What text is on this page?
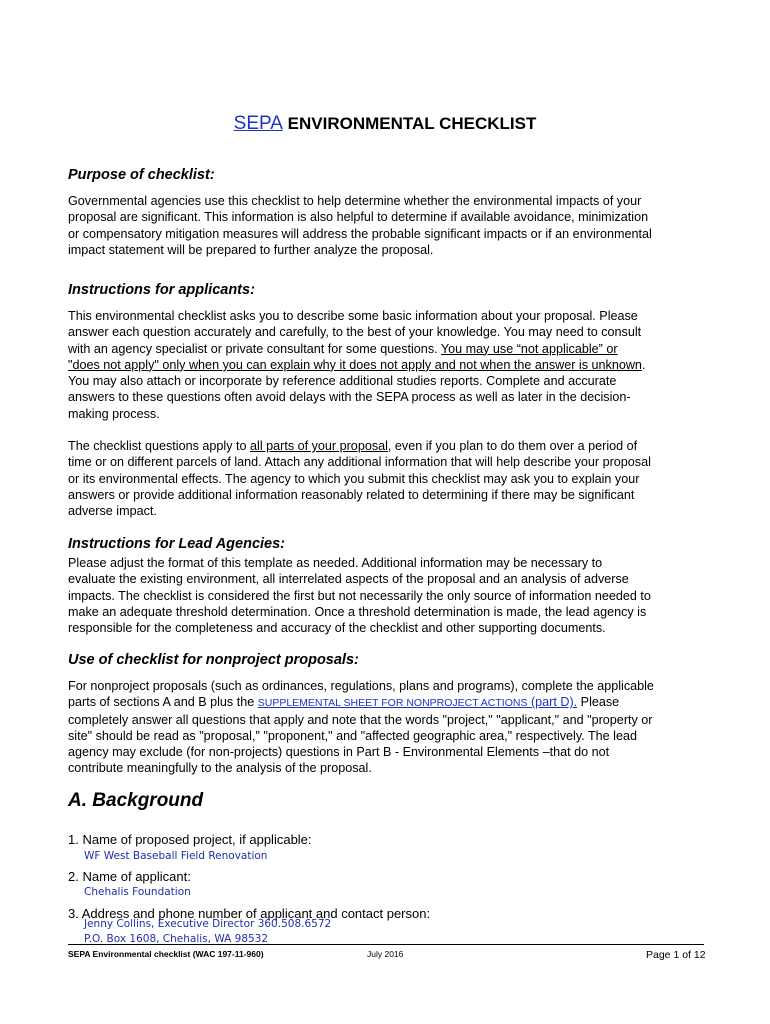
SEPA ENVIRONMENTAL CHECKLIST
Purpose of checklist:
Governmental agencies use this checklist to help determine whether the environmental impacts of your
proposal are significant. This information is also helpful to determine if available avoidance, minimization
or compensatory mitigation measures will address the probable significant impacts or if an environmental
impact statement will be prepared to further analyze the proposal.
Instructions for applicants:
This environmental checklist asks you to describe some basic information about your proposal. Please
answer each question accurately and carefully, to the best of your knowledge. You may need to consult
with an agency specialist or private consultant for some questions. You may use “not applicable” or
"does not apply" only when you can explain why it does not apply and not when the answer is unknown.
You may also attach or incorporate by reference additional studies reports. Complete and accurate
answers to these questions often avoid delays with the SEPA process as well as later in the decision-
making process.
The checklist questions apply to all parts of your proposal, even if you plan to do them over a period of
time or on different parcels of land. Attach any additional information that will help describe your proposal
or its environmental effects. The agency to which you submit this checklist may ask you to explain your
answers or provide additional information reasonably related to determining if there may be significant
adverse impact.
Instructions for Lead Agencies:
Please adjust the format of this template as needed. Additional information may be necessary to
evaluate the existing environment, all interrelated aspects of the proposal and an analysis of adverse
impacts. The checklist is considered the first but not necessarily the only source of information needed to
make an adequate threshold determination. Once a threshold determination is made, the lead agency is
responsible for the completeness and accuracy of the checklist and other supporting documents.
Use of checklist for nonproject proposals:
For nonproject proposals (such as ordinances, regulations, plans and programs), complete the applicable
parts of sections A and B plus the SUPPLEMENTAL SHEET FOR NONPROJECT ACTIONS (part D). Please
completely answer all questions that apply and note that the words "project," "applicant," and "property or
site" should be read as "proposal," "proponent," and "affected geographic area," respectively. The lead
agency may exclude (for non-projects) questions in Part B - Environmental Elements –that do not
contribute meaningfully to the analysis of the proposal.
A. Background
1. Name of proposed project, if applicable:
WF West Baseball Field Renovation
2. Name of applicant:
Chehalis Foundation
3. Address and phone number of applicant and contact person:
Jenny Collins, Executive Director 360.508.6572
P.O. Box 1608, Chehalis, WA 98532
SEPA Environmental checklist (WAC 197-11-960)	July 2016	Page 1 of 12
